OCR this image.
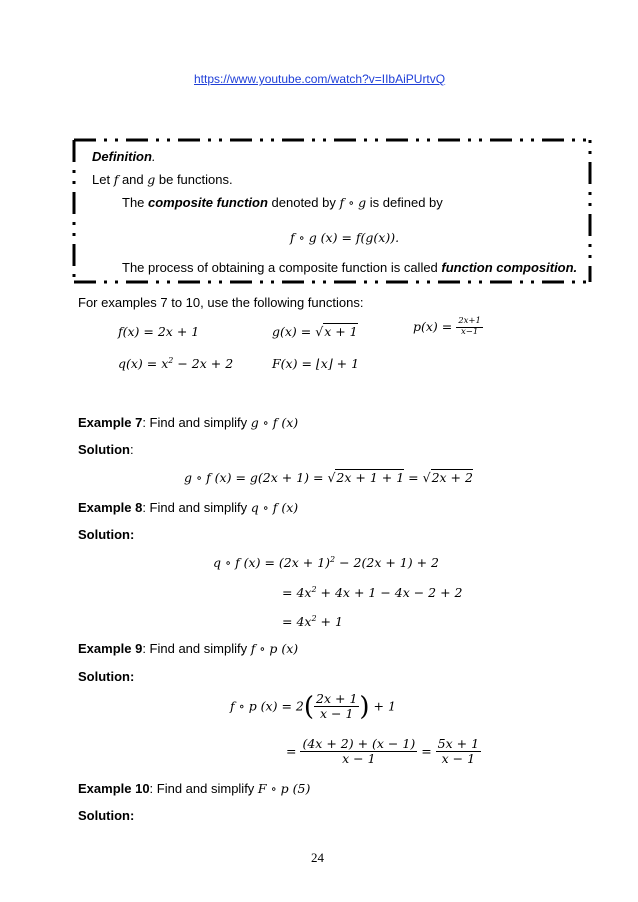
https://www.youtube.com/watch?v=IIbAiPUrtvQ
Definition.
Let f and g be functions.
The composite function denoted by f ∘ g is defined by
f ∘ g (x) = f(g(x)).
The process of obtaining a composite function is called function composition.
For examples 7 to 10, use the following functions:
f(x) = 2x + 1	g(x) = √x + 1	$p(x) = \frac{2x+1}{x-1}$
$q(x) = x^2 - 2x + 2$	F(x) = ⌊x⌋ + 1
Example 7: Find and simplify g ∘ f (x)
Solution:
g ∘ f (x) = g(2x + 1) = √2x + 1 + 1 = √2x + 2
Example 8: Find and simplify q ∘ f (x)
Solution:
q ∘ f $(x) = (2x + 1)^2 - 2(2x + 1) + 2$
= $4x^2 + 4x + 1 - 4x - 2 + 2$
= $4x^2 + 1$
Example 9: Find and simplify f ∘ p (x)
Solution:
f ∘ p $(x) = 2( \frac{2x + 1}{x - 1}$ ) + 1
= $\frac{(4x + 2) + (x - 1)}{x - 1} = \frac{5x + 1}{x - 1}$
Example 10: Find and simplify F ∘ p (5)
Solution:
24
